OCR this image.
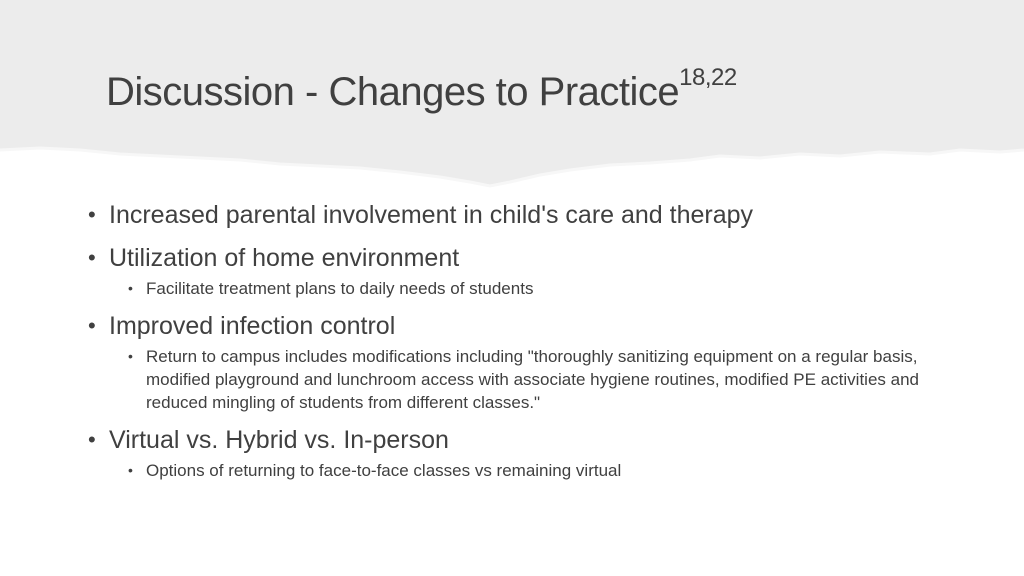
Discussion - Changes to Practice$^{18,22}$
• Increased parental involvement in child's care and therapy
• Utilization of home environment
• Facilitate treatment plans to daily needs of students
• Improved infection control
• Return to campus includes modifications including "thoroughly sanitizing equipment on a regular basis, modified playground and lunchroom access with associate hygiene routines, modified PE activities and reduced mingling of students from different classes."
• Virtual vs. Hybrid vs. In-person
• Options of returning to face-to-face classes vs remaining virtual
